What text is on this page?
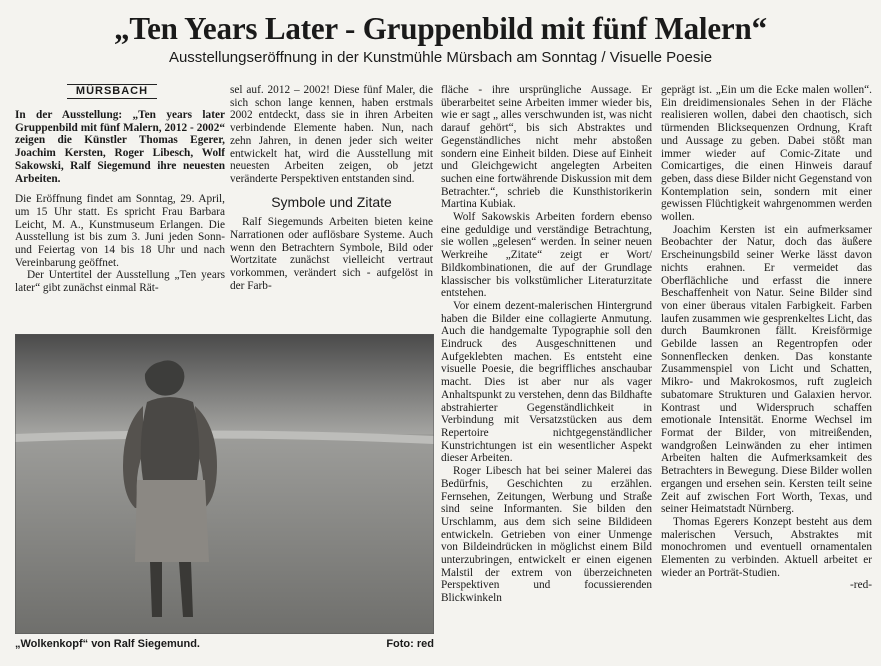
„Ten Years Later - Gruppenbild mit fünf Malern“
Ausstellungseröffnung in der Kunstmühle Mürsbach am Sonntag / Visuelle Poesie
MÜRSBACH

In der Ausstellung: „Ten years later Gruppenbild mit fünf Malern, 2012 - 2002“ zeigen die Künstler Thomas Egerer, Joachim Kersten, Roger Libesch, Wolf Sakowski, Ralf Siegemund ihre neuesten Arbeiten.

Die Eröffnung findet am Sonntag, 29. April, um 15 Uhr statt. Es spricht Frau Barbara Leicht, M. A., Kunstmuseum Erlangen. Die Ausstellung ist bis zum 3. Juni jeden Sonn- und Feiertag von 14 bis 18 Uhr und nach Vereinbarung geöffnet.

Der Untertitel der Ausstellung „Ten years later“ gibt zunächst einmal Rät-

sel auf. 2012 – 2002! Diese fünf Maler, die sich schon lange kennen, haben erstmals 2002 entdeckt, dass sie in ihren Arbeiten verbindende Elemente haben. Nun, nach zehn Jahren, in denen jeder sich weiter entwickelt hat, wird die Ausstellung mit neuesten Arbeiten zeigen, ob jetzt veränderte Perspektiven entstanden sind.

Symbole und Zitate

Ralf Siegemunds Arbeiten bieten keine Narrationen oder auflösbare Systeme. Auch wenn den Betrachtern Symbole, Bild oder Wortzitate zunächst vielleicht vertraut vorkommen, verändert sich - aufgelöst in der Farb-

fläche - ihre ursprüngliche Aussage. Er überarbeitet seine Arbeiten immer wieder bis, wie er sagt „ alles verschwunden ist, was nicht darauf gehört“, bis sich Abstraktes und Gegenständliches nicht mehr abstoßen sondern eine Einheit bilden. Diese auf Einheit und Gleichgewicht angelegten Arbeiten suchen eine fortwährende Diskussion mit dem Betrachter.“, schrieb die Kunsthistorikerin Martina Kubiak.

Wolf Sakowskis Arbeiten fordern ebenso eine geduldige und verständige Betrachtung, sie wollen „gelesen“ werden. In seiner neuen Werkreihe „Zitate“ zeigt er Wort/ Bildkombinationen, die auf der Grundlage klassischer bis volkstümlicher Literaturzitate entstehen.

Vor einem dezent-malerischen Hintergrund haben die Bilder eine collagierte Anmutung. Auch die handgemalte Typographie soll den Eindruck des Ausgeschnittenen und Aufgeklebten machen. Es entsteht eine visuelle Poesie, die begriffliches anschaubar macht. Dies ist aber nur als vager Anhaltspunkt zu verstehen, denn das Bildhafte abstrahierter Gegenständlichkeit in Verbindung mit Versatzstücken aus dem Repertoire nichtgegenständlicher Kunstrichtungen ist ein wesentlicher Aspekt dieser Arbeiten.

Roger Libesch hat bei seiner Malerei das Bedürfnis, Geschichten zu erzählen. Fernsehen, Zeitungen, Werbung und Straße sind seine Informanten. Sie bilden den Urschlamm, aus dem sich seine Bildideen entwickeln. Getrieben von einer Unmenge von Bildeindrücken in möglichst einem Bild unterzubringen, entwickelt er einen eigenen Malstil der extrem von überzeichneten Perspektiven und focussierenden Blickwinkeln

geprägt ist. „Ein um die Ecke malen wollen“. Ein dreidimensionales Sehen in der Fläche realisieren wollen, dabei den chaotisch, sich türmenden Blicksequenzen Ordnung, Kraft und Aussage zu geben. Dabei stößt man immer wieder auf Comic-Zitate und Comicartiges, die einen Hinweis darauf geben, dass diese Bilder nicht Gegenstand von Kontemplation sein, sondern mit einer gewissen Flüchtigkeit wahrgenommen werden wollen.

Joachim Kersten ist ein aufmerksamer Beobachter der Natur, doch das äußere Erscheinungsbild seiner Werke lässt davon nichts erahnen. Er vermeidet das Oberflächliche und erfasst die innere Beschaffenheit von Natur. Seine Bilder sind von einer überaus vitalen Farbigkeit. Farben laufen zusammen wie gesprenkeltes Licht, das durch Baumkronen fällt. Kreisförmige Gebilde lassen an Regentropfen oder Sonnenflecken denken. Das konstante Zusammenspiel von Licht und Schatten, Mikro- und Makrokosmos, ruft zugleich subatomare Strukturen und Galaxien hervor. Kontrast und Widerspruch schaffen emotionale Intensität. Enorme Wechsel im Format der Bilder, von mitreißenden, wandgroßen Leinwänden zu eher intimen Arbeiten halten die Aufmerksamkeit des Betrachters in Bewegung. Diese Bilder wollen ergangen und ersehen sein. Kersten teilt seine Zeit auf zwischen Fort Worth, Texas, und seiner Heimatstadt Nürnberg.

Thomas Egerers Konzept besteht aus dem malerischen Versuch, Abstraktes mit monochromen und eventuell ornamentalen Elementen zu verbinden. Aktuell arbeitet er wieder an Porträt-Studien.

-red-

„Wolkenkopf“ von Ralf Siegemund.	Foto: red
